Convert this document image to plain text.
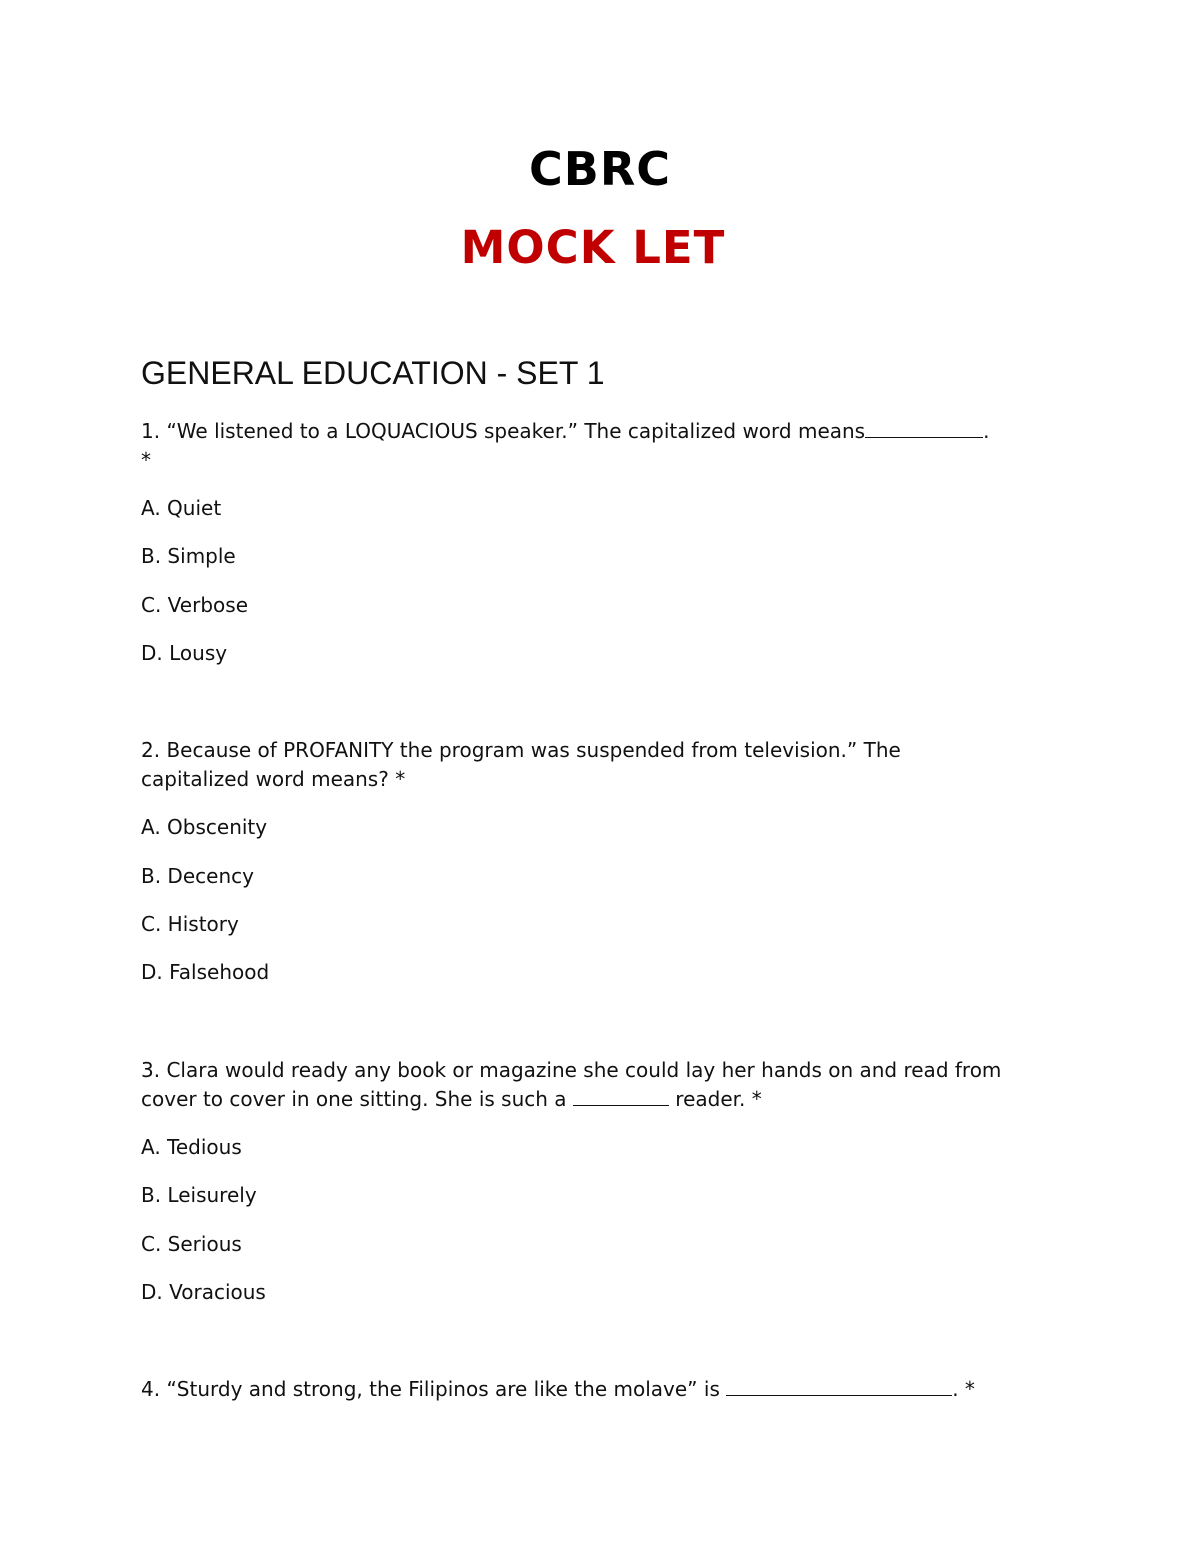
CBRC
MOCK LET
GENERAL EDUCATION - SET 1
1. “We listened to a LOQUACIOUS speaker.” The capitalized word means	.
*
A. Quiet
B. Simple
C. Verbose
D. Lousy
2. Because of PROFANITY the program was suspended from television.” The capitalized word means? *
A. Obscenity
B. Decency
C. History
D. Falsehood
3. Clara would ready any book or magazine she could lay her hands on and read from cover to cover in one sitting. She is such a	reader. *
A. Tedious
B. Leisurely
C. Serious
D. Voracious
4. “Sturdy and strong, the Filipinos are like the molave” is	. *
